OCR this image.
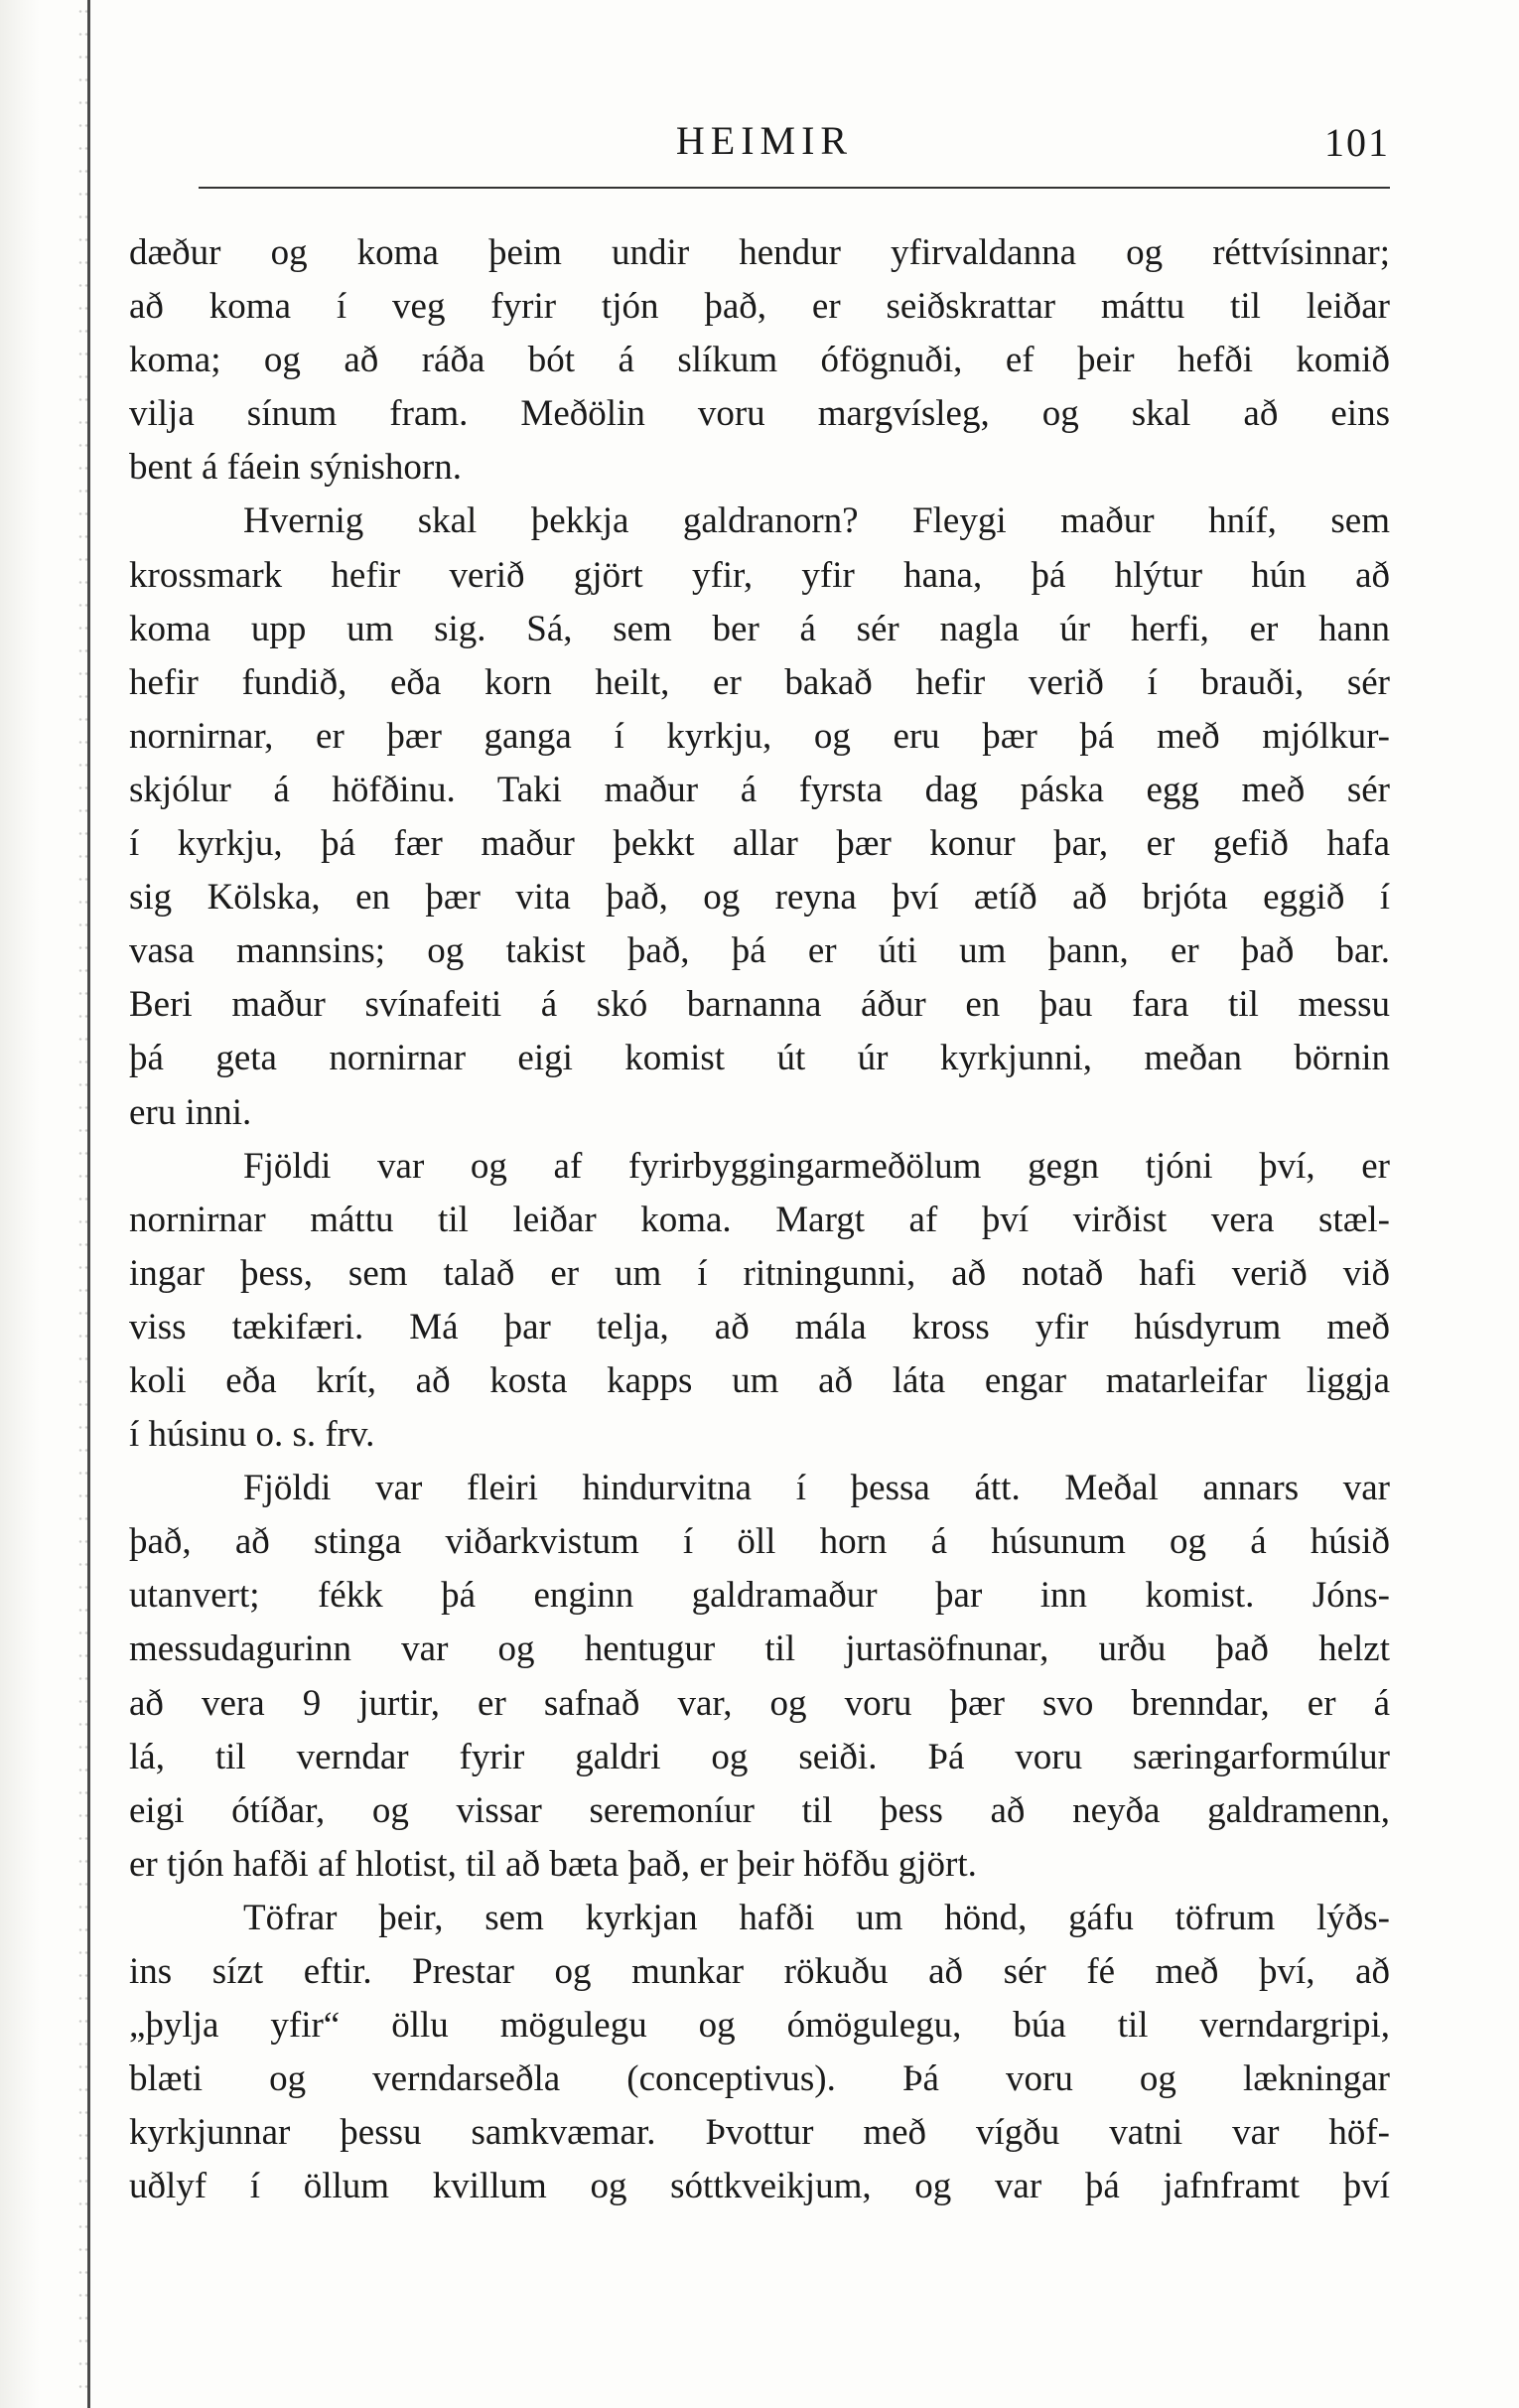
HEIMIR	101
dæður og koma þeim undir hendur yfirvaldanna og réttvísinnar;
að koma í veg fyrir tjón það, er seiðskrattar máttu til leiðar
koma; og að ráða bót á slíkum ófögnuði, ef þeir hefði komið
vilja sínum fram. Meðölin voru margvísleg, og skal að eins
bent á fáein sýnishorn.
Hvernig skal þekkja galdranorn? Fleygi maður hníf, sem
krossmark hefir verið gjört yfir, yfir hana, þá hlýtur hún að
koma upp um sig. Sá, sem ber á sér nagla úr herfi, er hann
hefir fundið, eða korn heilt, er bakað hefir verið í brauði, sér
nornirnar, er þær ganga í kyrkju, og eru þær þá með mjólkur-
skjólur á höfðinu. Taki maður á fyrsta dag páska egg með sér
í kyrkju, þá fær maður þekkt allar þær konur þar, er gefið hafa
sig Kölska, en þær vita það, og reyna því ætíð að brjóta eggið í
vasa mannsins; og takist það, þá er úti um þann, er það bar.
Beri maður svínafeiti á skó barnanna áður en þau fara til messu
þá geta nornirnar eigi komist út úr kyrkjunni, meðan börnin
eru inni.
Fjöldi var og af fyrirbyggingarmeðölum gegn tjóni því, er
nornirnar máttu til leiðar koma. Margt af því virðist vera stæl-
ingar þess, sem talað er um í ritningunni, að notað hafi verið við
viss tækifæri. Má þar telja, að mála kross yfir húsdyrum með
koli eða krít, að kosta kapps um að láta engar matarleifar liggja
í húsinu o. s. frv.
Fjöldi var fleiri hindurvitna í þessa átt. Meðal annars var
það, að stinga viðarkvistum í öll horn á húsunum og á húsið
utanvert; fékk þá enginn galdramaður þar inn komist. Jóns-
messudagurinn var og hentugur til jurtasöfnunar, urðu það helzt
að vera 9 jurtir, er safnað var, og voru þær svo brenndar, er á
lá, til verndar fyrir galdri og seiði. Þá voru særingarformúlur
eigi ótíðar, og vissar seremoníur til þess að neyða galdramenn,
er tjón hafði af hlotist, til að bæta það, er þeir höfðu gjört.
Töfrar þeir, sem kyrkjan hafði um hönd, gáfu töfrum lýðs-
ins sízt eftir. Prestar og munkar rökuðu að sér fé með því, að
„þylja yfir“ öllu mögulegu og ómögulegu, búa til verndargripi,
blæti og verndarseðla (conceptivus). Þá voru og lækningar
kyrkjunnar þessu samkvæmar. Þvottur með vígðu vatni var höf-
uðlyf í öllum kvillum og sóttkveikjum, og var þá jafnframt því
